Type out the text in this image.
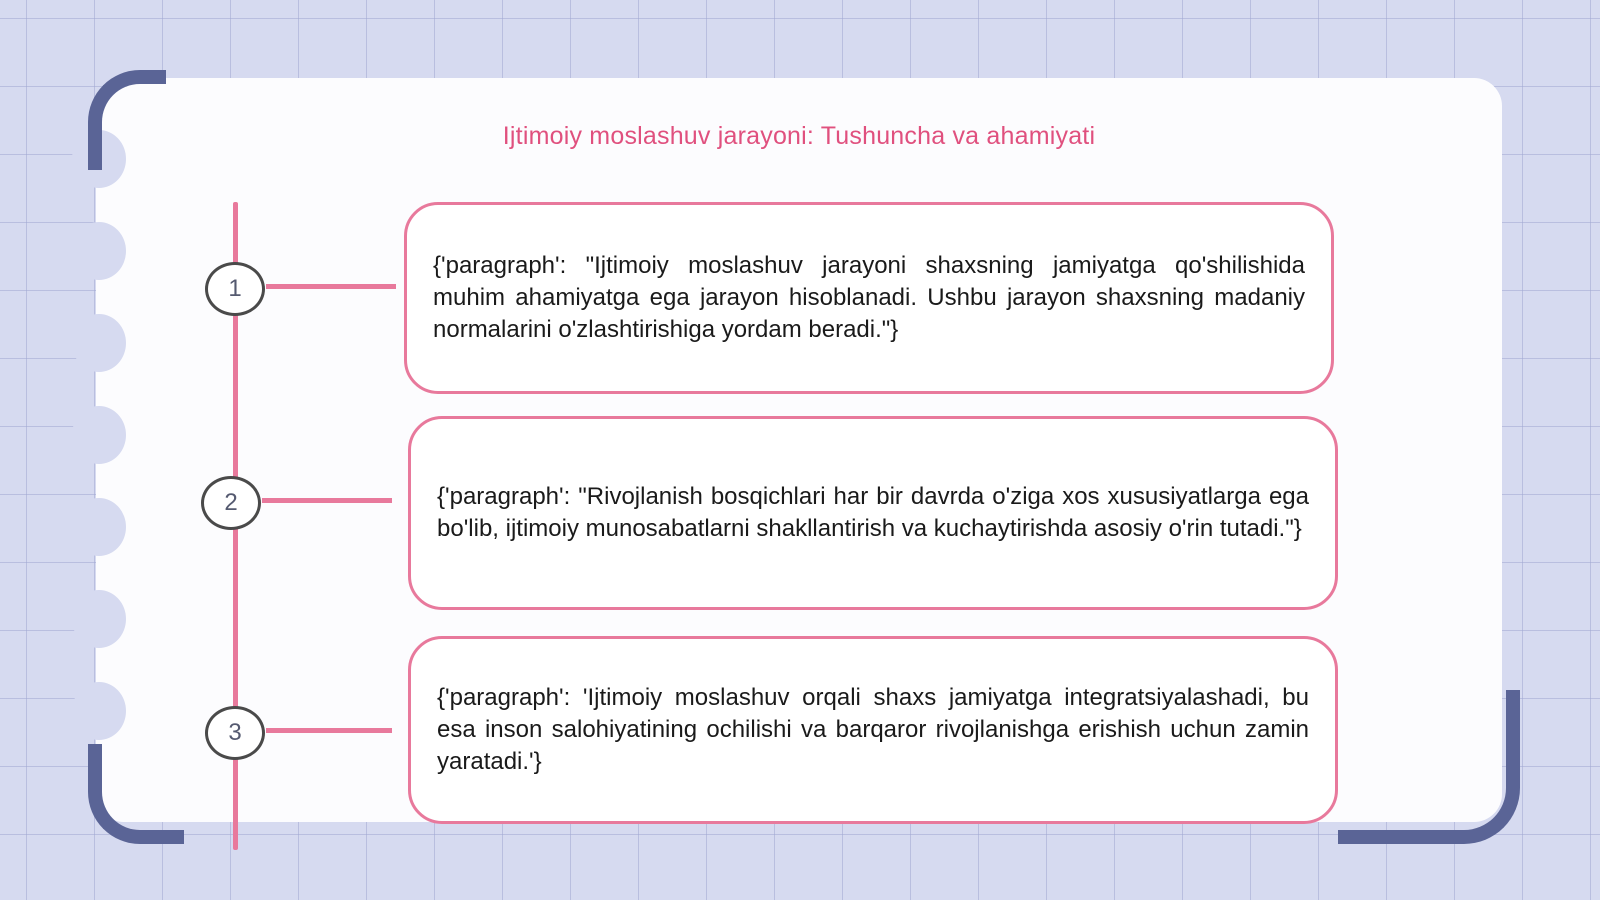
Ijtimoiy moslashuv jarayoni: Tushuncha va ahamiyati
1
{'paragraph': "Ijtimoiy moslashuv jarayoni shaxsning jamiyatga qo'shilishida muhim ahamiyatga ega jarayon hisoblanadi. Ushbu jarayon shaxsning madaniy normalarini o'zlashtirishiga yordam beradi."}
2	{'paragraph': "Rivojlanish bosqichlari har bir davrda o'ziga xos xususiyatlarga ega bo'lib, ijtimoiy munosabatlarni shakllantirish va kuchaytirishda asosiy o'rin tutadi."}
3
{'paragraph': 'Ijtimoiy moslashuv orqali shaxs jamiyatga integratsiyalashadi, bu esa inson salohiyatining ochilishi va barqaror rivojlanishga erishish uchun zamin yaratadi.'}
